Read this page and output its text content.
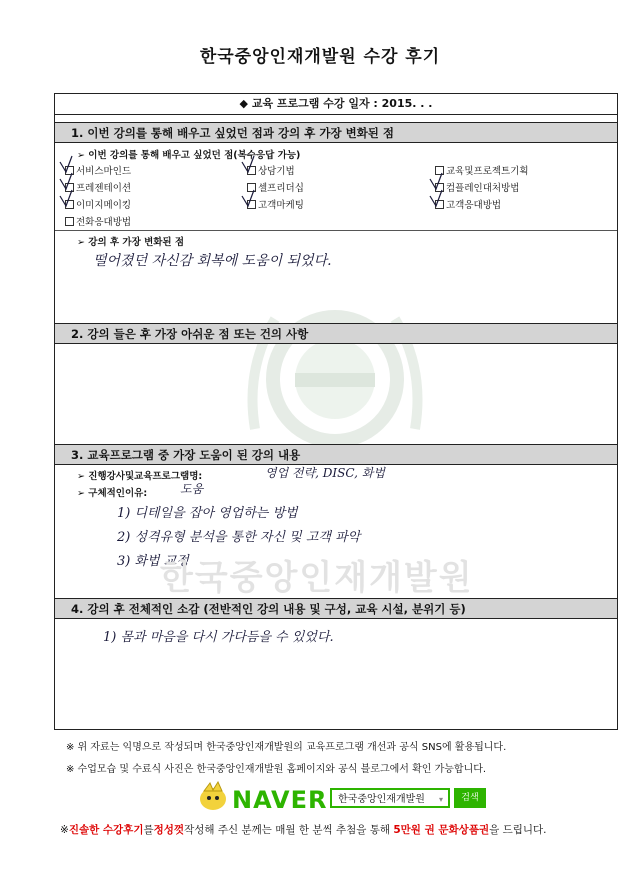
한국중앙인재개발원 수강 후기
◆ 교육 프로그램 수강 일자 : 2015. . .
1. 이번 강의를 통해 배우고 싶었던 점과 강의 후 가장 변화된 점
➢ 이번 강의를 통해 배우고 싶었던 점(복수응답 가능)
서비스마인드	상담기법	교육및프로젝트기획
프레젠테이션	셀프리더십	컴플레인대처방법
이미지메이킹	고객마케팅	고객응대방법
전화응대방법
➢ 강의 후 가장 변화된 점
떨어졌던 자신감 회복에 도움이 되었다.
2. 강의 들은 후 가장 아쉬운 점 또는 건의 사항
3. 교육프로그램 중 가장 도움이 된 강의 내용
➢ 진행강사및교육프로그램명:	영업 전략, DISC, 화법
➢ 구체적인이유:	도움
1) 디테일을 잡아 영업하는 방법
2) 성격유형 분석을 통한 자신 및 고객 파악
3) 화법 교정
4. 강의 후 전체적인 소감 (전반적인 강의 내용 및 구성, 교육 시설, 분위기 등)
1) 몸과 마음을 다시 가다듬을 수 있었다.
한국중앙인재개발원
※ 위 자료는 익명으로 작성되며 한국중앙인재개발원의 교육프로그램 개선과 공식 SNS에 활용됩니다.
※ 수업모습 및 수료식 사진은 한국중앙인재개발원 홈페이지와 공식 블로그에서 확인 가능합니다.
NAVER	한국중앙인재개발원 ▾	검색
※진솔한 수강후기를정성껏작성해 주신 분께는 매월 한 분씩 추첨을 통해 5만원 권 문화상품권을 드립니다.
